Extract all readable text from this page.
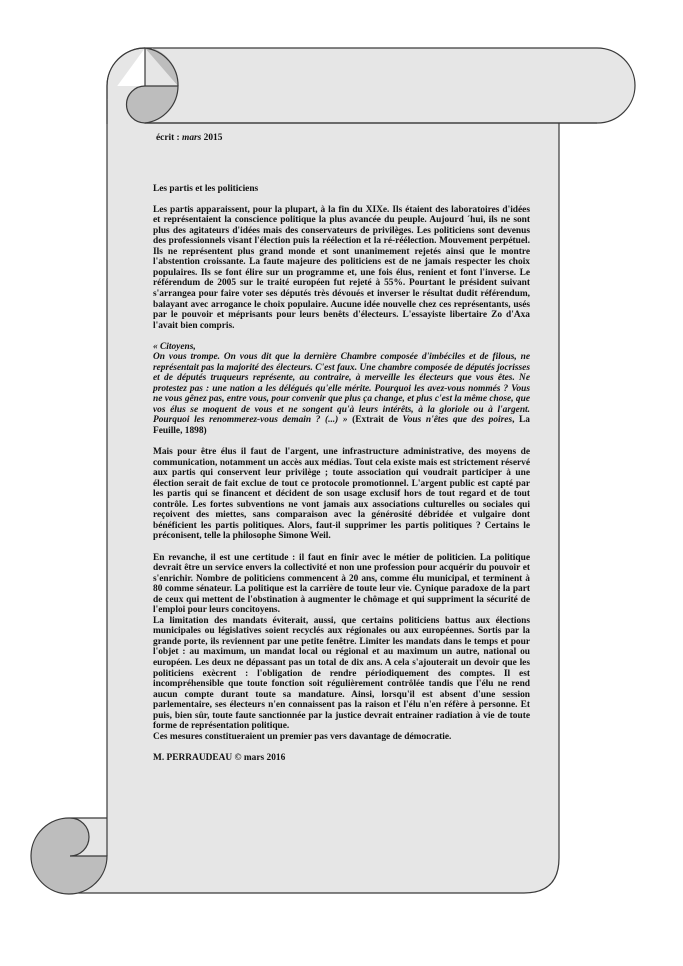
écrit : mars 2015

Les partis et les politiciens

Les partis apparaissent, pour la plupart, à la fin du XIXe. Ils étaient des laboratoires d'idées et représentaient la conscience politique la plus avancée du peuple. Aujourd ´hui, ils ne sont plus des agitateurs d'idées mais des conservateurs de privilèges. Les politiciens sont devenus des professionnels visant l'élection puis la réélection et la ré-réélection. Mouvement perpétuel. Ils ne représentent plus grand monde et sont unanimement rejetés ainsi que le montre l'abstention croissante. La faute majeure des politiciens est de ne jamais respecter les choix populaires. Ils se font élire sur un programme et, une fois élus, renient et font l'inverse. Le référendum de 2005 sur le traité européen fut rejeté à 55%. Pourtant le président suivant s'arrangea pour faire voter ses députés très dévoués et inverser le résultat dudit référendum, balayant avec arrogance le choix populaire. Aucune idée nouvelle chez ces représentants, usés par le pouvoir et méprisants pour leurs benêts d'électeurs. L'essayiste libertaire Zo d'Axa l'avait bien compris.

« Citoyens,

On vous trompe. On vous dit que la dernière Chambre composée d'imbéciles et de filous, ne représentait pas la majorité des électeurs. C'est faux. Une chambre composée de députés jocrisses et de députés truqueurs représente, au contraire, à merveille les électeurs que vous êtes. Ne protestez pas : une nation a les délégués qu'elle mérite. Pourquoi les avez-vous nommés ? Vous ne vous gênez pas, entre vous, pour convenir que plus ça change, et plus c'est la même chose, que vos élus se moquent de vous et ne songent qu'à leurs intérêts, à la gloriole ou à l'argent. Pourquoi les renommerez-vous demain ? (...) » (Extrait de Vous n'êtes que des poires, La Feuille, 1898)

Mais pour être élus il faut de l'argent, une infrastructure administrative, des moyens de communication, notamment un accès aux médias. Tout cela existe mais est strictement réservé aux partis qui conservent leur privilège ; toute association qui voudrait participer à une élection serait de fait exclue de tout ce protocole promotionnel. L'argent public est capté par les partis qui se financent et décident de son usage exclusif hors de tout regard et de tout contrôle. Les fortes subventions ne vont jamais aux associations culturelles ou sociales qui reçoivent des miettes, sans comparaison avec la générosité débridée et vulgaire dont bénéficient les partis politiques. Alors, faut-il supprimer les partis politiques ? Certains le préconisent, telle la philosophe Simone Weil.

En revanche, il est une certitude : il faut en finir avec le métier de politicien. La politique devrait être un service envers la collectivité et non une profession pour acquérir du pouvoir et s'enrichir. Nombre de politiciens commencent à 20 ans, comme élu municipal, et terminent à 80 comme sénateur. La politique est la carrière de toute leur vie. Cynique paradoxe de la part de ceux qui mettent de l'obstination à augmenter le chômage et qui suppriment la sécurité de l'emploi pour leurs concitoyens.

La limitation des mandats éviterait, aussi, que certains politiciens battus aux élections municipales ou législatives soient recyclés aux régionales ou aux européennes. Sortis par la grande porte, ils reviennent par une petite fenêtre. Limiter les mandats dans le temps et pour l'objet : au maximum, un mandat local ou régional et au maximum un autre, national ou européen. Les deux ne dépassant pas un total de dix ans. A cela s'ajouterait un devoir que les politiciens exècrent : l'obligation de rendre périodiquement des comptes. Il est incompréhensible que toute fonction soit régulièrement contrôlée tandis que l'élu ne rend aucun compte durant toute sa mandature. Ainsi, lorsqu'il est absent d'une session parlementaire, ses électeurs n'en connaissent pas la raison et l'élu n'en réfère à personne. Et puis, bien sûr, toute faute sanctionnée par la justice devrait entrainer radiation à vie de toute forme de représentation politique.

Ces mesures constitueraient un premier pas vers davantage de démocratie.

M. PERRAUDEAU © mars 2016
